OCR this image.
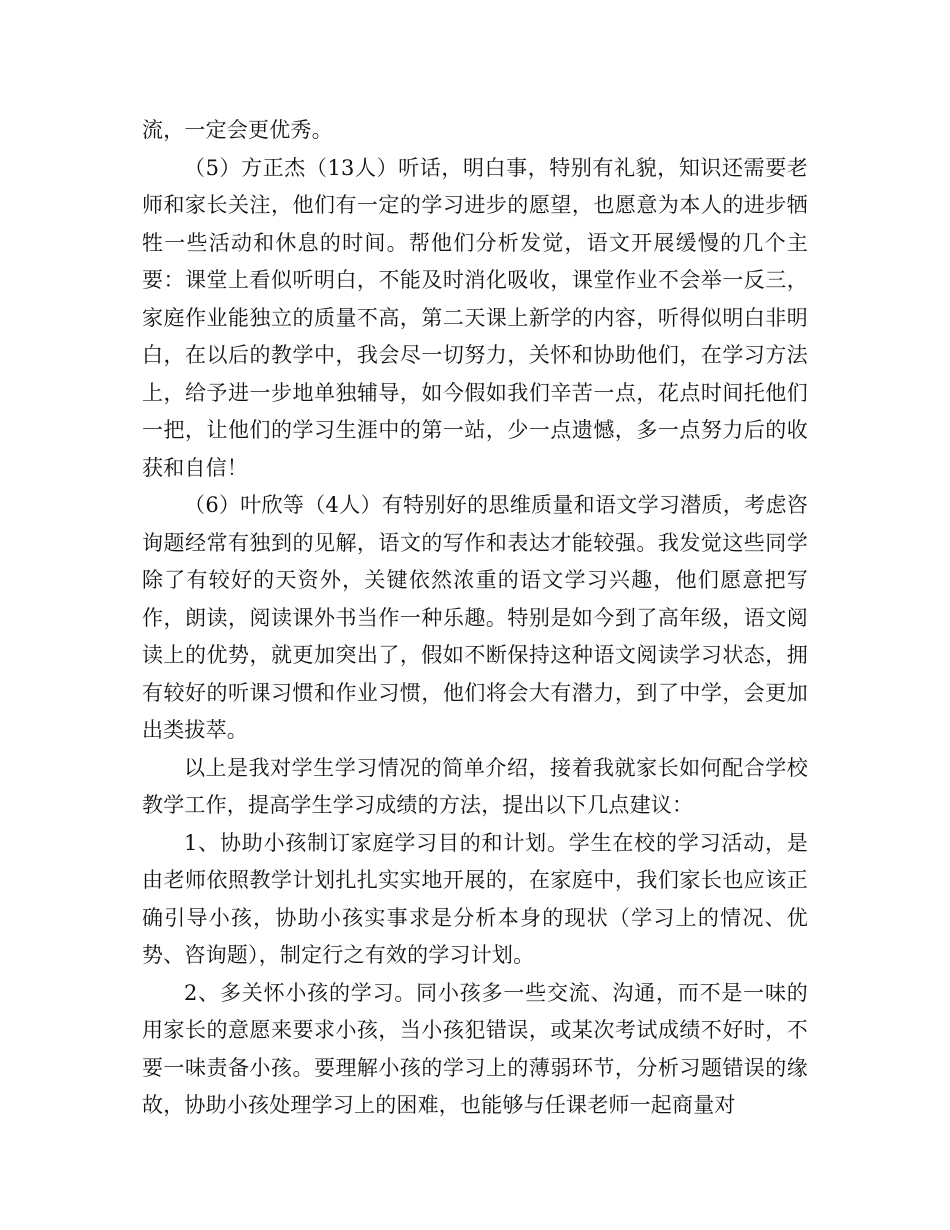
流，一定会更优秀。

（5）方正杰（13人）听话，明白事，特别有礼貌，知识还需要老师和家长关注，他们有一定的学习进步的愿望，也愿意为本人的进步牺牲一些活动和休息的时间。帮他们分析发觉，语文开展缓慢的几个主要：课堂上看似听明白，不能及时消化吸收，课堂作业不会举一反三，家庭作业能独立的质量不高，第二天课上新学的内容，听得似明白非明白，在以后的教学中，我会尽一切努力，关怀和协助他们，在学习方法上，给予进一步地单独辅导，如今假如我们辛苦一点，花点时间托他们一把，让他们的学习生涯中的第一站，少一点遗憾，多一点努力后的收获和自信！

（6）叶欣等（4人）有特别好的思维质量和语文学习潜质，考虑咨询题经常有独到的见解，语文的写作和表达才能较强。我发觉这些同学除了有较好的天资外，关键依然浓重的语文学习兴趣，他们愿意把写作，朗读，阅读课外书当作一种乐趣。特别是如今到了高年级，语文阅读上的优势，就更加突出了，假如不断保持这种语文阅读学习状态，拥有较好的听课习惯和作业习惯，他们将会大有潜力，到了中学，会更加出类拔萃。

以上是我对学生学习情况的简单介绍，接着我就家长如何配合学校教学工作，提高学生学习成绩的方法，提出以下几点建议：

1、协助小孩制订家庭学习目的和计划。学生在校的学习活动，是由老师依照教学计划扎扎实实地开展的，在家庭中，我们家长也应该正确引导小孩，协助小孩实事求是分析本身的现状（学习上的情况、优势、咨询题），制定行之有效的学习计划。

2、多关怀小孩的学习。同小孩多一些交流、沟通，而不是一味的用家长的意愿来要求小孩，当小孩犯错误，或某次考试成绩不好时，不要一味责备小孩。要理解小孩的学习上的薄弱环节，分析习题错误的缘故，协助小孩处理学习上的困难，也能够与任课老师一起商量对
